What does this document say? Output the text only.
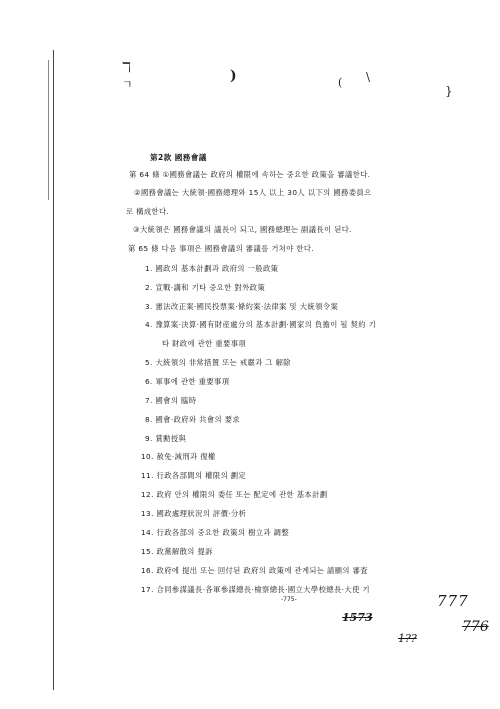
ℸ
ㄱ
)	( \
}
第2款 國務會議
第 64 條 ①國務會議는 政府의 權限에 속하는 중요한 政策을 審議한다.
②國務會議는 大統領·國務總理와 15人 以上 30人 以下의 國務委員으
로 構成한다.
③大統領은 國務會議의 議長이 되고, 國務總理는 副議長이 된다.
第 65 條 다음 事項은 國務會議의 審議를 거쳐야 한다.
1. 國政의 基本計劃과 政府의 一般政策
2. 宣戰·講和 기타 중요한 對外政策
3. 憲法改正案·國民投票案·條約案·法律案 및 大統領令案
4. 豫算案·決算·國有財産處分의 基本計劃·國家의 負擔이 될 契約 기
타 財政에 관한 重要事項
5. 大統領의 非常措置 또는 戒嚴과 그 解除
6. 軍事에 관한 重要事項
7. 國會의 臨時
8. 國會·政府와 共會의 要求
9. 賞勳授與
10. 赦免·減刑과 復權
11. 行政各部間의 權限의 劃定
12. 政府 안의 權限의 委任 또는 配定에 관한 基本計劃
13. 國政處理狀況의 評價·分析
14. 行政各部의 중요한 政策의 樹立과 調整
15. 政黨解散의 提訴
16. 政府에 提出 또는 回付된 政府의 政策에 관계되는 請願의 審査
17. 合同參謀議長·各軍參謀總長·檢察總長·國立大學校總長·大使 기
-775-	777
1573
776
1??
